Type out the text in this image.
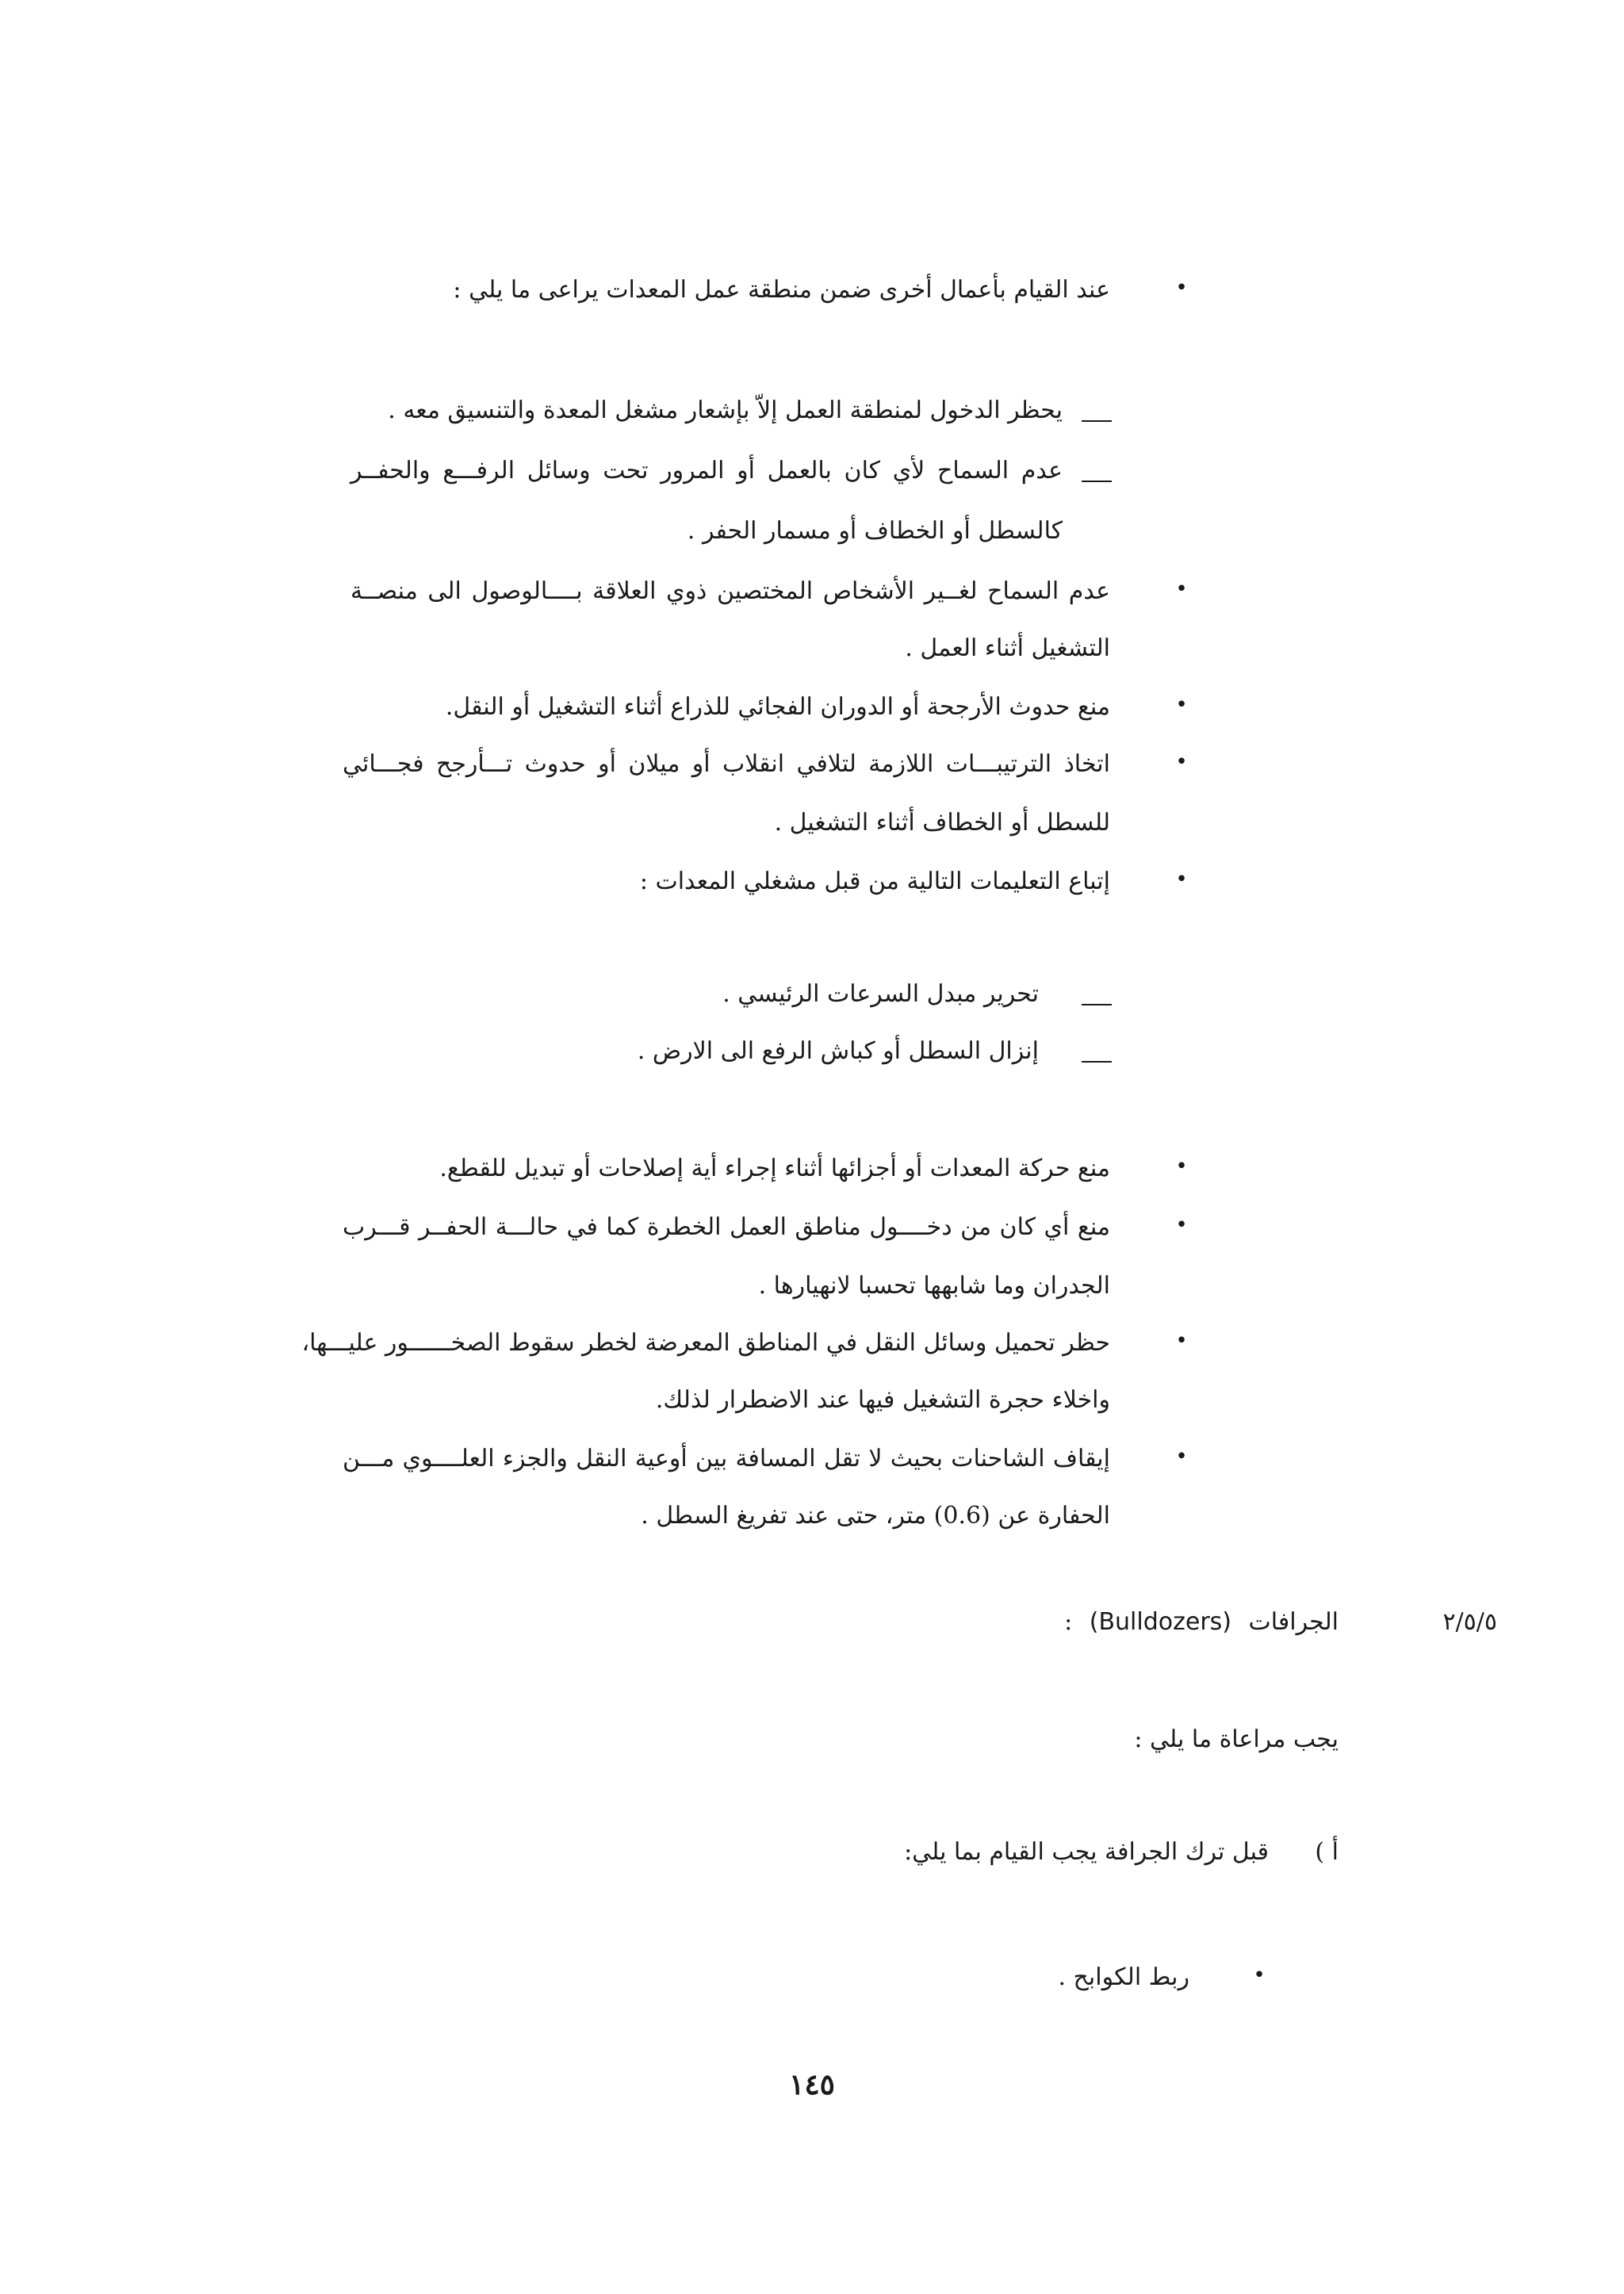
•
عند القيام بأعمال أخرى ضمن منطقة عمل المعدات يراعى ما يلي :
يحظر الدخول لمنطقة العمل إلاّ بإشعار مشغل المعدة والتنسيق معه .
عدم السماح لأي كان بالعمل أو المرور تحت وسائل الرفـــع والحفــر
كالسطل أو الخطاف أو مسمار الحفر .
•
عدم السماح لغــير الأشخاص المختصين ذوي العلاقة بــــالوصول الى منصــة
التشغيل أثناء العمل .
•
منع حدوث الأرجحة أو الدوران الفجائي للذراع أثناء التشغيل أو النقل.
•
اتخاذ الترتيبـــات اللازمة لتلافي انقلاب أو ميلان أو حدوث تـــأرجح فجـــائي
للسطل أو الخطاف أثناء التشغيل .
•
إتباع التعليمات التالية من قبل مشغلي المعدات :
تحرير مبدل السرعات الرئيسي .
إنزال السطل أو كباش الرفع الى الارض .
•
منع حركة المعدات أو أجزائها أثناء إجراء أية إصلاحات أو تبديل للقطع.
•
منع أي كان من دخــــول مناطق العمل الخطرة كما في حالـــة الحفــر قـــرب
الجدران وما شابهها تحسبا لانهيارها .
•
حظر تحميل وسائل النقل في المناطق المعرضة لخطر سقوط الصخــــــور عليـــها،
واخلاء حجرة التشغيل فيها عند الاضطرار لذلك.
•
إيقاف الشاحنات بحيث لا تقل المسافة بين أوعية النقل والجزء العلــــوي مـــن
الحفارة عن (0.6) متر، حتى عند تفريغ السطل .
٢/٥/٥
الجرافات (Bulldozers) :
يجب مراعاة ما يلي :
أ )
قبل ترك الجرافة يجب القيام بما يلي:
•
ربط الكوابح .
١٤٥
